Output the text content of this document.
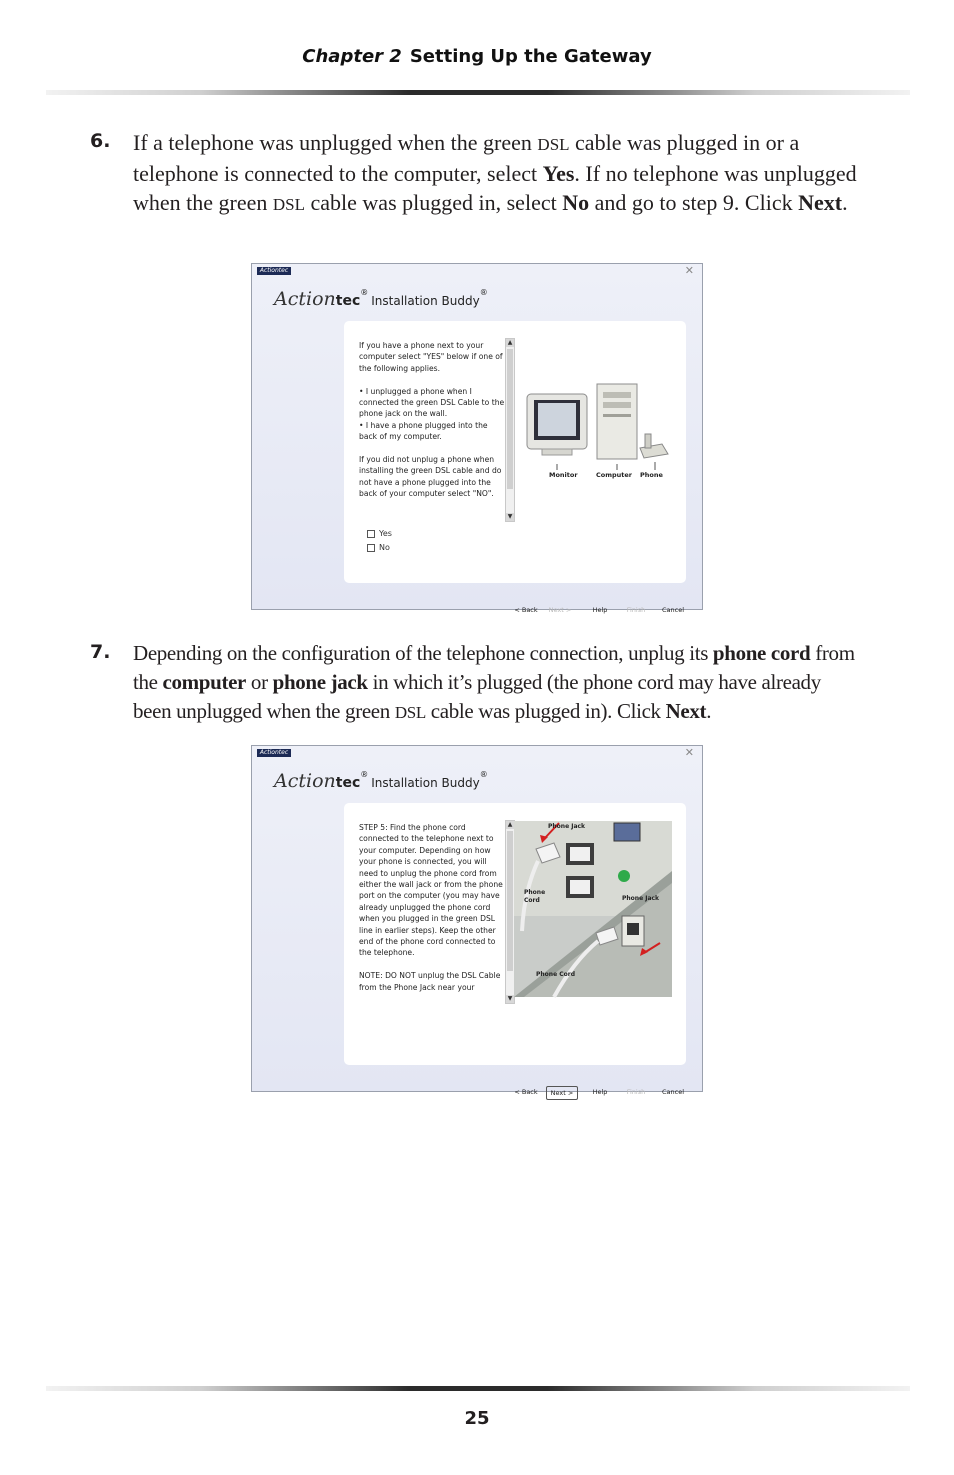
Chapter 2 Setting Up the Gateway
6. If a telephone was unplugged when the green DSL cable was plugged in or a telephone is connected to the computer, select Yes. If no telephone was unplugged when the green DSL cable was plugged in, select No and go to step 9. Click Next.
Actiontec	✕
Actiontec®Installation Buddy®
If you have a phone next to your computer select "YES" below if one of the following applies.

• I unplugged a phone when I connected the green DSL Cable to the phone jack on the wall.
• I have a phone plugged into the back of my computer.

If you did not unplug a phone when installing the green DSL cable and do not have a phone plugged into the back of your computer select "NO".
▲
▼
Monitor	Computer Phone
Yes
No
< Back	Next >	Help	Finish	Cancel
7. Depending on the configuration of the telephone connection, unplug its phone cord from the computer or phone jack in which it’s plugged (the phone cord may have already been unplugged when the green DSL cable was plugged in). Click Next.
Actiontec	✕
Actiontec®Installation Buddy®
STEP 5: Find the phone cord connected to the telephone next to your computer. Depending on how your phone is connected, you will need to unplug the phone cord from either the wall jack or from the phone port on the computer (you may have already unplugged the phone cord when you plugged in the green DSL line in earlier steps). Keep the other end of the phone cord connected to the telephone.

NOTE: DO NOT unplug the DSL Cable from the Phone Jack near your
▲
▼
Phone Jack
Phone Cord	Phone Jack
Phone Cord
< Back	Next >	Help	Finish	Cancel
25
